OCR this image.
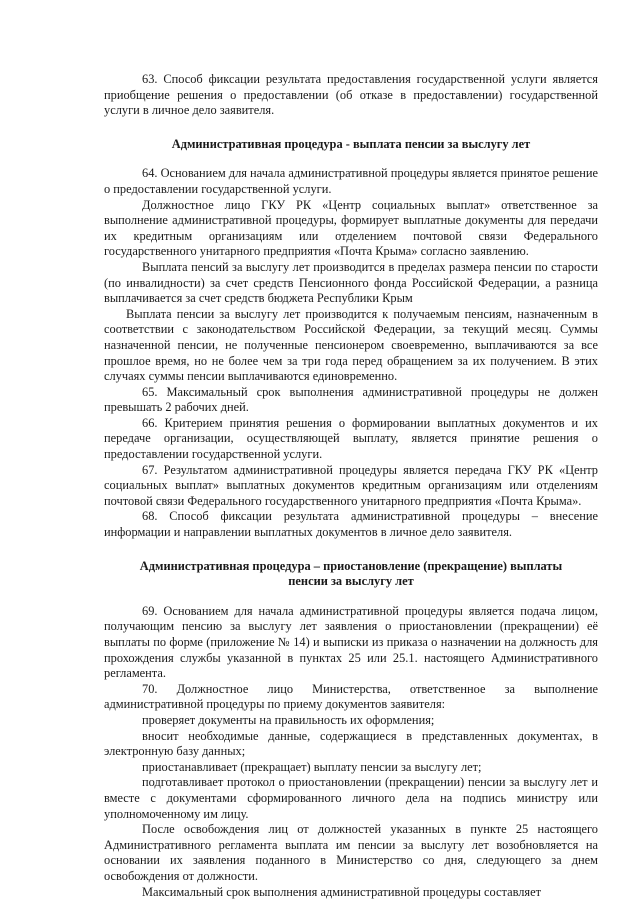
63. Способ фиксации результата предоставления государственной услуги является приобщение решения о предоставлении (об отказе в предоставлении) государственной услуги в личное дело заявителя.

Административная процедура - выплата пенсии за выслугу лет

64. Основанием для начала административной процедуры является принятое решение о предоставлении государственной услуги.

Должностное лицо ГКУ РК «Центр социальных выплат» ответственное за выполнение административной процедуры, формирует выплатные документы для передачи их кредитным организациям или отделением почтовой связи Федерального государственного унитарного предприятия «Почта Крыма» согласно заявлению.

Выплата пенсий за выслугу лет производится в пределах размера пенсии по старости (по инвалидности) за счет средств Пенсионного фонда Российской Федерации, а разница выплачивается за счет средств бюджета Республики Крым

Выплата пенсии за выслугу лет производится к получаемым пенсиям, назначенным в соответствии с законодательством Российской Федерации, за текущий месяц. Суммы назначенной пенсии, не полученные пенсионером своевременно, выплачиваются за все прошлое время, но не более чем за три года перед обращением за их получением. В этих случаях суммы пенсии выплачиваются единовременно.

65. Максимальный срок выполнения административной процедуры не должен превышать 2 рабочих дней.

66. Критерием принятия решения о формировании выплатных документов и их передаче организации, осуществляющей выплату, является принятие решения о предоставлении государственной услуги.

67. Результатом административной процедуры является передача ГКУ РК «Центр социальных выплат» выплатных документов кредитным организациям или отделениям почтовой связи Федерального государственного унитарного предприятия «Почта Крыма».

68. Способ фиксации результата административной процедуры – внесение информации и направлении выплатных документов в личное дело заявителя.

Административная процедура – приостановление (прекращение) выплаты
пенсии за выслугу лет

69. Основанием для начала административной процедуры является подача лицом, получающим пенсию за выслугу лет заявления о приостановлении (прекращении) её выплаты по форме (приложение № 14) и выписки из приказа о назначении на должность для прохождения службы указанной в пунктах 25 или 25.1. настоящего Административного регламента.

70. Должностное лицо Министерства, ответственное за выполнение административной процедуры по приему документов заявителя:

проверяет документы на правильность их оформления;

вносит необходимые данные, содержащиеся в представленных документах, в электронную базу данных;

приостанавливает (прекращает) выплату пенсии за выслугу лет;

подготавливает протокол о приостановлении (прекращении) пенсии за выслугу лет и вместе с документами сформированного личного дела на подпись министру или уполномоченному им лицу.

После освобождения лиц от должностей указанных в пункте 25 настоящего Административного регламента выплата им пенсии за выслугу лет возобновляется на основании их заявления поданного в Министерство со дня, следующего за днем освобождения от должности.

Максимальный срок выполнения административной процедуры составляет
